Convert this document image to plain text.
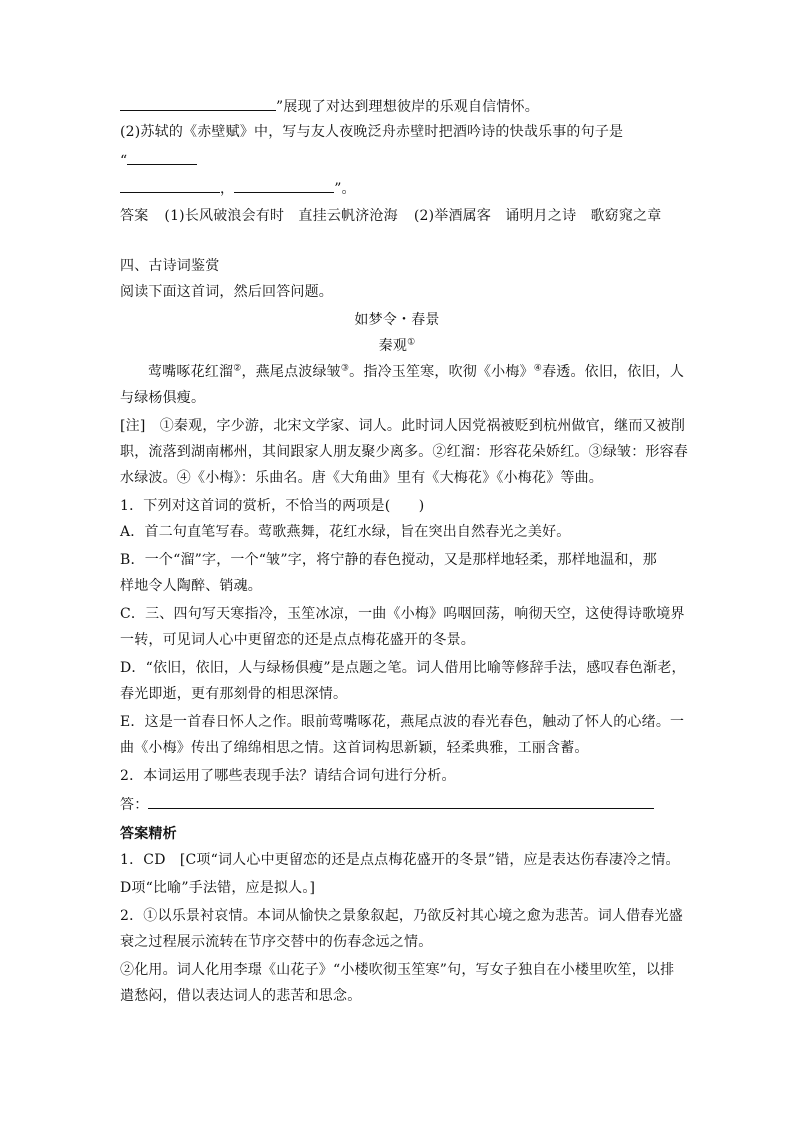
”展现了对达到理想彼岸的乐观自信情怀。
(2)苏轼的《赤壁赋》中，写与友人夜晚泛舟赤壁时把酒吟诗的快哉乐事的句子是
“
，	”。
答案 (1)长风破浪会有时　直挂云帆济沧海 (2)举酒属客　诵明月之诗　歌窈窕之章
四、古诗词鉴赏
阅读下面这首词，然后回答问题。
如梦令・春景
秦观①
莺嘴啄花红溜②，燕尾点波绿皱③。指冷玉笙寒，吹彻《小梅》④春透。依旧，依旧，人
与绿杨俱瘦。
[注]　①秦观，字少游，北宋文学家、词人。此时词人因党祸被贬到杭州做官，继而又被削
职，流落到湖南郴州，其间跟家人朋友聚少离多。②红溜：形容花朵娇红。③绿皱：形容春
水绿波。④《小梅》：乐曲名。唐《大角曲》里有《大梅花》《小梅花》等曲。
1．下列对这首词的赏析，不恰当的两项是(　　)
A．首二句直笔写春。莺歌燕舞，花红水绿，旨在突出自然春光之美好。
B．一个“溜”字，一个“皱”字，将宁静的春色搅动，又是那样地轻柔，那样地温和，那
样地令人陶醉、销魂。
C．三、四句写天寒指冷，玉笙冰凉，一曲《小梅》呜咽回荡，响彻天空，这使得诗歌境界
一转，可见词人心中更留恋的还是点点梅花盛开的冬景。
D．“依旧，依旧，人与绿杨俱瘦”是点题之笔。词人借用比喻等修辞手法，感叹春色渐老，
春光即逝，更有那刻骨的相思深情。
E．这是一首春日怀人之作。眼前莺嘴啄花，燕尾点波的春光春色，触动了怀人的心绪。一
曲《小梅》传出了绵绵相思之情。这首词构思新颖，轻柔典雅，工丽含蓄。
2．本词运用了哪些表现手法？请结合词句进行分析。
答：
答案精析
1．CD　[C项“词人心中更留恋的还是点点梅花盛开的冬景”错，应是表达伤春凄冷之情。
D项“比喻”手法错，应是拟人。]
2．①以乐景衬哀情。本词从愉快之景象叙起，乃欲反衬其心境之愈为悲苦。词人借春光盛
衰之过程展示流转在节序交替中的伤春念远之情。
②化用。词人化用李璟《山花子》“小楼吹彻玉笙寒”句，写女子独自在小楼里吹笙，以排
遣愁闷，借以表达词人的悲苦和思念。
